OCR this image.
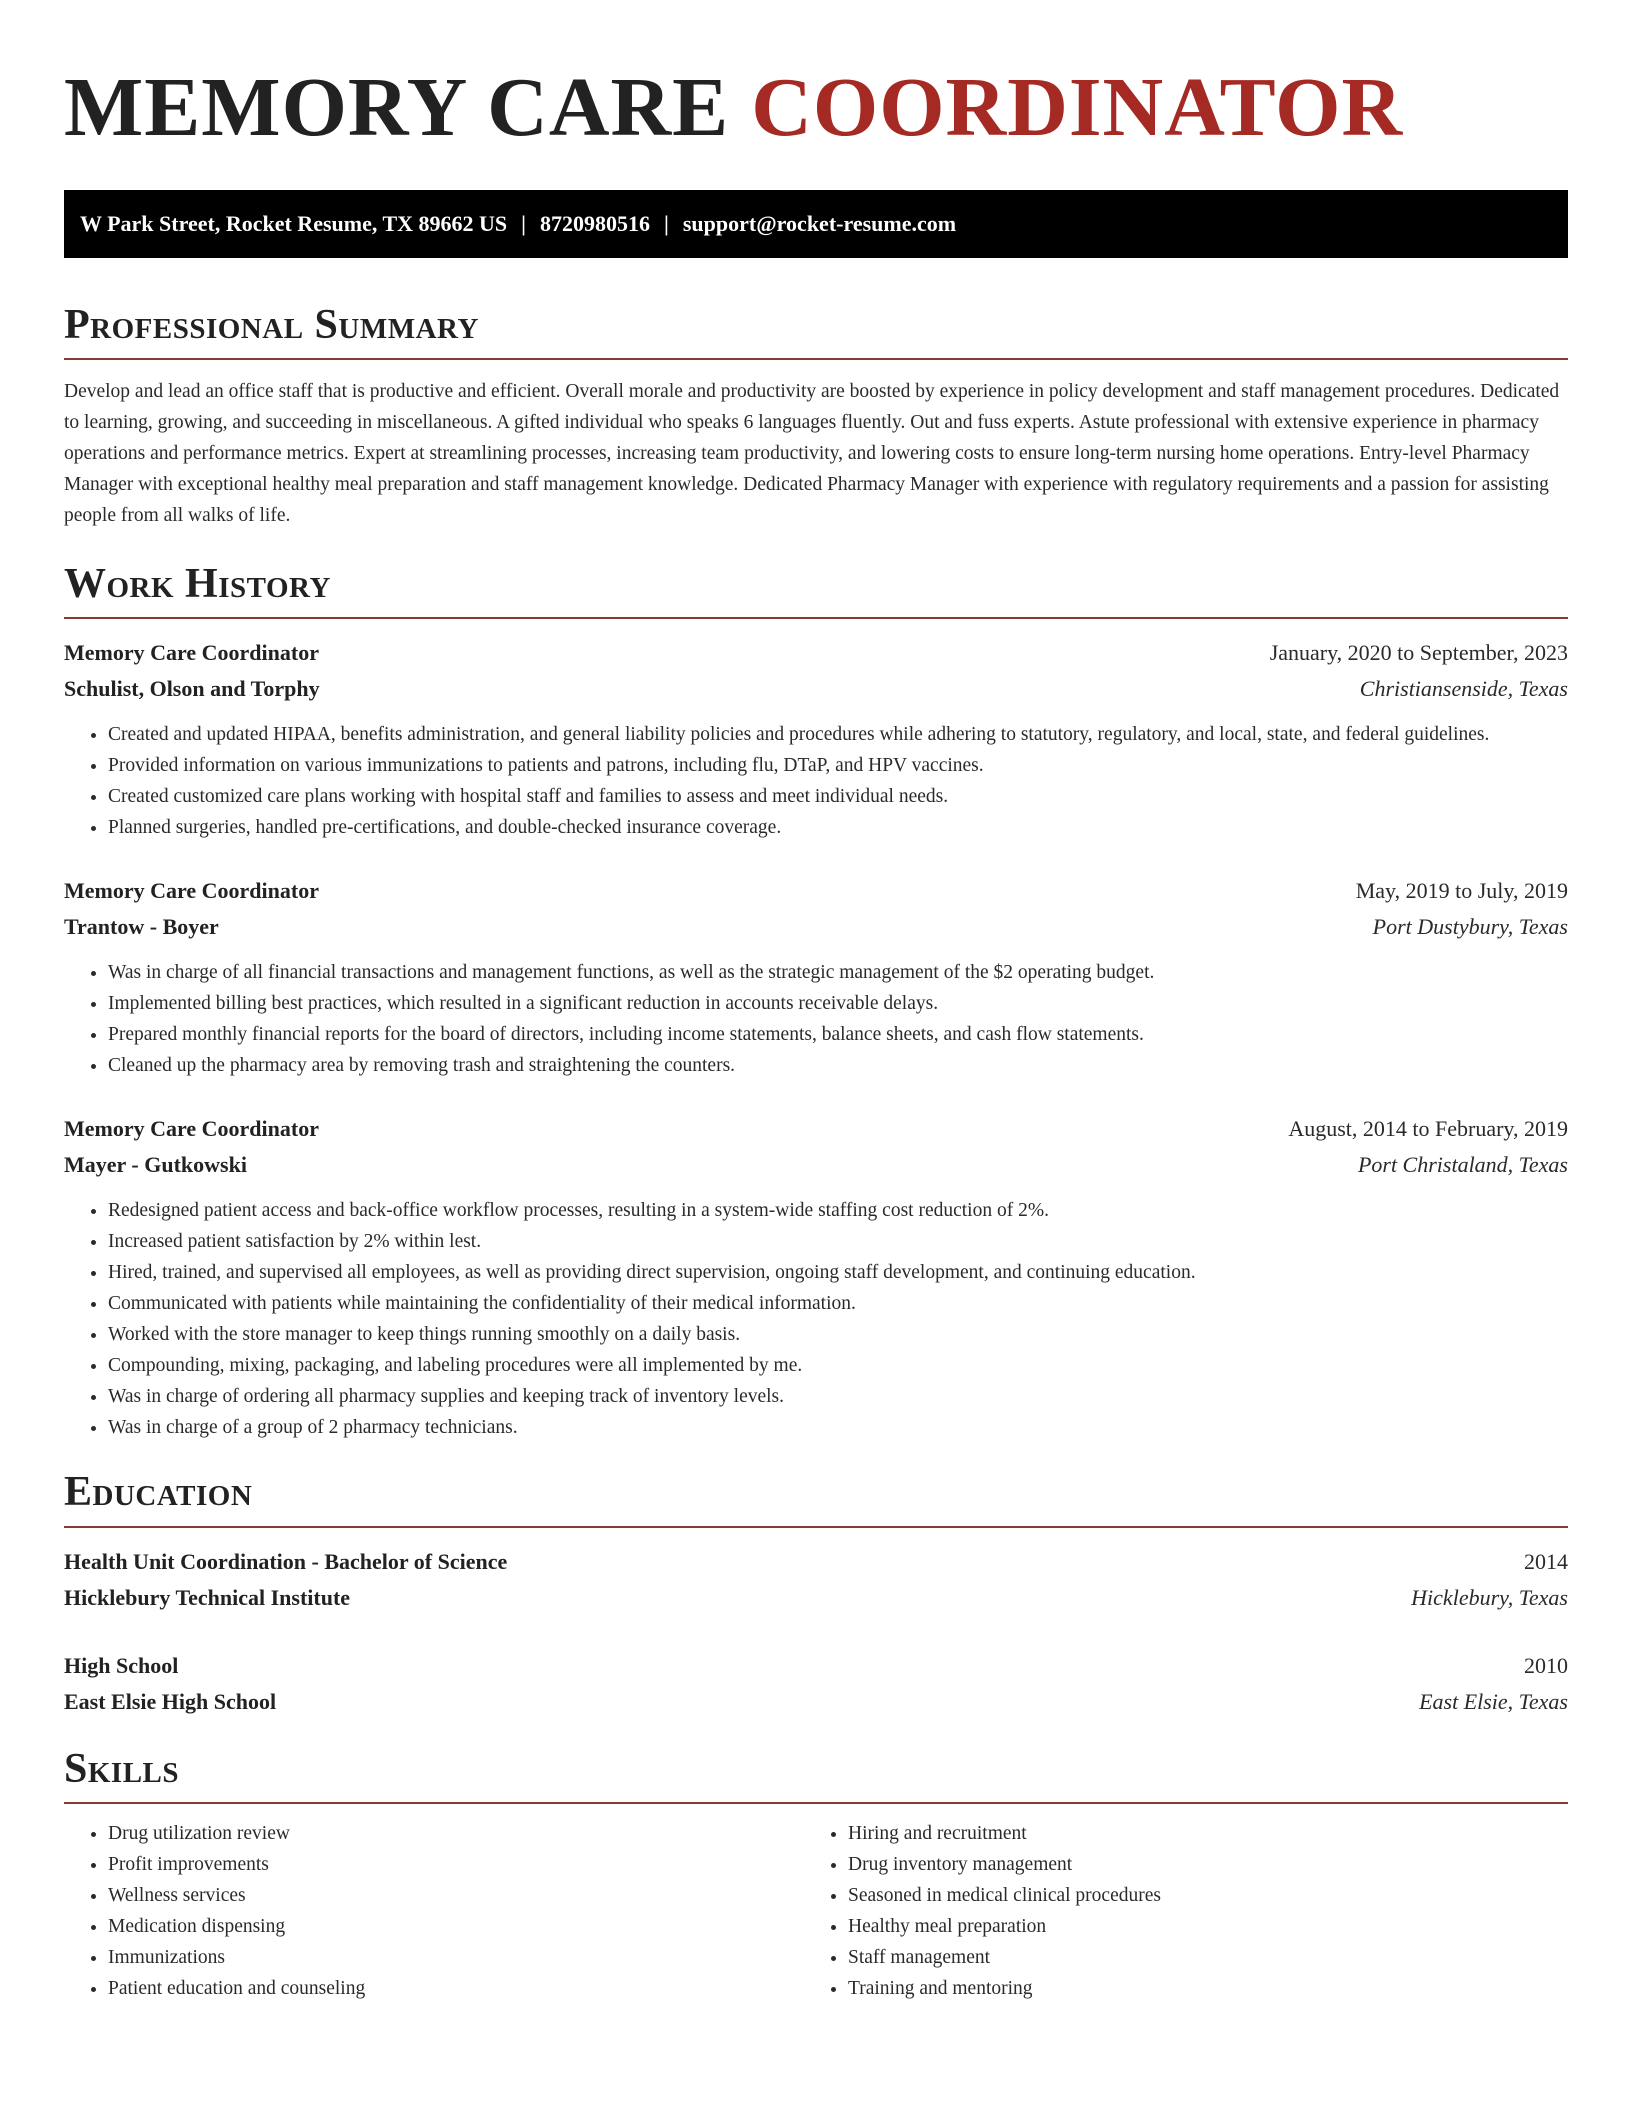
MEMORY CARE COORDINATOR
W Park Street, Rocket Resume, TX 89662 US | 8720980516 | support@rocket-resume.com
Professional Summary

Develop and lead an office staff that is productive and efficient. Overall morale and productivity are boosted by experience in policy development and staff management procedures. Dedicated to learning, growing, and succeeding in miscellaneous. A gifted individual who speaks 6 languages fluently. Out and fuss experts. Astute professional with extensive experience in pharmacy operations and performance metrics. Expert at streamlining processes, increasing team productivity, and lowering costs to ensure long-term nursing home operations. Entry-level Pharmacy Manager with exceptional healthy meal preparation and staff management knowledge. Dedicated Pharmacy Manager with experience with regulatory requirements and a passion for assisting people from all walks of life.

Work History
Memory Care Coordinator	January, 2020 to September, 2023
Schulist, Olson and Torphy	Christiansenside, Texas
• Created and updated HIPAA, benefits administration, and general liability policies and procedures while adhering to statutory, regulatory, and local, state, and federal guidelines.
• Provided information on various immunizations to patients and patrons, including flu, DTaP, and HPV vaccines.
• Created customized care plans working with hospital staff and families to assess and meet individual needs.
• Planned surgeries, handled pre-certifications, and double-checked insurance coverage.
Memory Care Coordinator	May, 2019 to July, 2019
Trantow - Boyer	Port Dustybury, Texas
• Was in charge of all financial transactions and management functions, as well as the strategic management of the $2 operating budget.
• Implemented billing best practices, which resulted in a significant reduction in accounts receivable delays.
• Prepared monthly financial reports for the board of directors, including income statements, balance sheets, and cash flow statements.
• Cleaned up the pharmacy area by removing trash and straightening the counters.
Memory Care Coordinator	August, 2014 to February, 2019
Mayer - Gutkowski	Port Christaland, Texas
• Redesigned patient access and back-office workflow processes, resulting in a system-wide staffing cost reduction of 2%.
• Increased patient satisfaction by 2% within lest.
• Hired, trained, and supervised all employees, as well as providing direct supervision, ongoing staff development, and continuing education.
• Communicated with patients while maintaining the confidentiality of their medical information.
• Worked with the store manager to keep things running smoothly on a daily basis.
• Compounding, mixing, packaging, and labeling procedures were all implemented by me.
• Was in charge of ordering all pharmacy supplies and keeping track of inventory levels.
• Was in charge of a group of 2 pharmacy technicians.
Education
Health Unit Coordination - Bachelor of Science	2014
Hicklebury Technical Institute	Hicklebury, Texas
High School	2010
East Elsie High School	East Elsie, Texas
Skills
• Drug utilization review
• Profit improvements
• Wellness services
• Medication dispensing
• Immunizations
• Patient education and counseling
• Hiring and recruitment
• Drug inventory management
• Seasoned in medical clinical procedures
• Healthy meal preparation
• Staff management
• Training and mentoring
